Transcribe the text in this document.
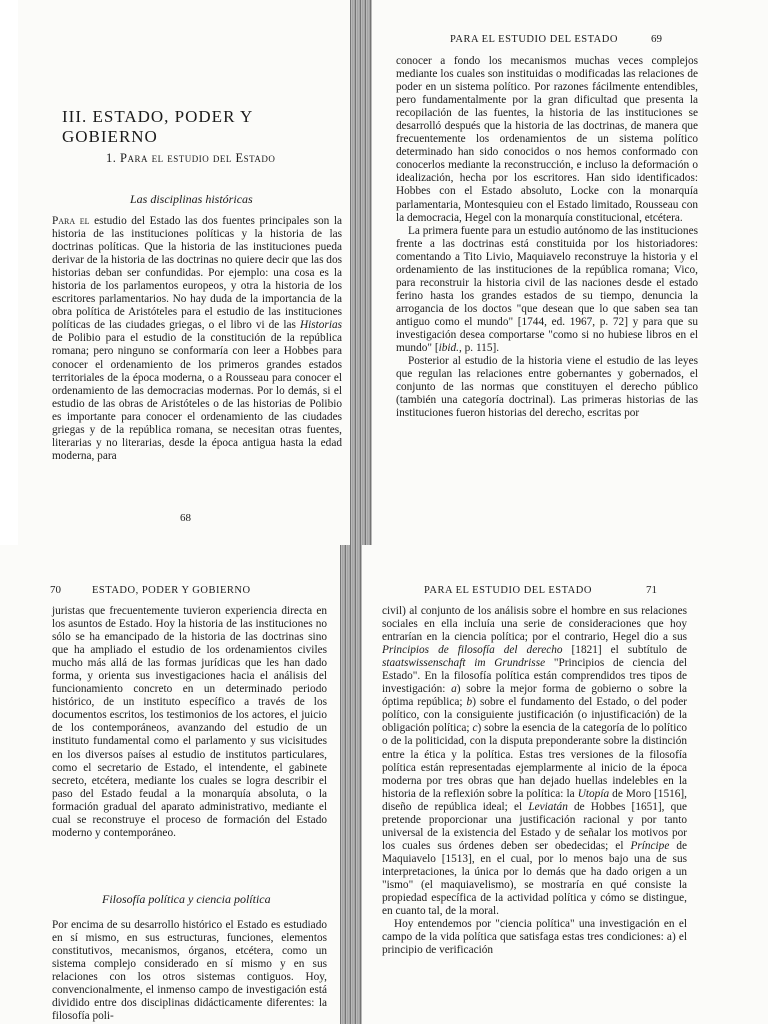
III. ESTADO, PODER Y GOBIERNO
1. Para el estudio del Estado
Las disciplinas históricas

Para el estudio del Estado las dos fuentes principales son la historia de las instituciones políticas y la historia de las doctrinas políticas. Que la historia de las instituciones pueda derivar de la historia de las doctrinas no quiere decir que las dos historias deban ser confundidas. Por ejemplo: una cosa es la historia de los parlamentos europeos, y otra la historia de los escritores parlamentarios. No hay duda de la importancia de la obra política de Aristóteles para el estudio de las instituciones políticas de las ciudades griegas, o el libro vi de las Historias de Polibio para el estudio de la constitución de la república romana; pero ninguno se conformaría con leer a Hobbes para conocer el ordenamiento de los primeros grandes estados territoriales de la época moderna, o a Rousseau para conocer el ordenamiento de las democracias modernas. Por lo demás, si el estudio de las obras de Aristóteles o de las historias de Polibio es importante para conocer el ordenamiento de las ciudades griegas y de la república romana, se necesitan otras fuentes, literarias y no literarias, desde la época antigua hasta la edad moderna, para

68
PARA EL ESTUDIO DEL ESTADO	69

conocer a fondo los mecanismos muchas veces complejos mediante los cuales son instituidas o modificadas las relaciones de poder en un sistema político. Por razones fácilmente entendibles, pero fundamentalmente por la gran dificultad que presenta la recopilación de las fuentes, la historia de las instituciones se desarrolló después que la historia de las doctrinas, de manera que frecuentemente los ordenamientos de un sistema político determinado han sido conocidos o nos hemos conformado con conocerlos mediante la reconstrucción, e incluso la deformación o idealización, hecha por los escritores. Han sido identificados: Hobbes con el Estado absoluto, Locke con la monarquía parlamentaria, Montesquieu con el Estado limitado, Rousseau con la democracia, Hegel con la monarquía constitucional, etcétera.

La primera fuente para un estudio autónomo de las instituciones frente a las doctrinas está constituida por los historiadores: comentando a Tito Livio, Maquiavelo reconstruye la historia y el ordenamiento de las instituciones de la república romana; Vico, para reconstruir la historia civil de las naciones desde el estado ferino hasta los grandes estados de su tiempo, denuncia la arrogancia de los doctos "que desean que lo que saben sea tan antiguo como el mundo" [1744, ed. 1967, p. 72] y para que su investigación desea comportarse "como si no hubiese libros en el mundo" [ibid., p. 115].

Posterior al estudio de la historia viene el estudio de las leyes que regulan las relaciones entre gobernantes y gobernados, el conjunto de las normas que constituyen el derecho público (también una categoría doctrinal). Las primeras historias de las instituciones fueron historias del derecho, escritas por

70	ESTADO, PODER Y GOBIERNO

juristas que frecuentemente tuvieron experiencia directa en los asuntos de Estado. Hoy la historia de las instituciones no sólo se ha emancipado de la historia de las doctrinas sino que ha ampliado el estudio de los ordenamientos civiles mucho más allá de las formas jurídicas que les han dado forma, y orienta sus investigaciones hacia el análisis del funcionamiento concreto en un determinado periodo histórico, de un instituto específico a través de los documentos escritos, los testimonios de los actores, el juicio de los contemporáneos, avanzando del estudio de un instituto fundamental como el parlamento y sus vicisitudes en los diversos países al estudio de institutos particulares, como el secretario de Estado, el intendente, el gabinete secreto, etcétera, mediante los cuales se logra describir el paso del Estado feudal a la monarquía absoluta, o la formación gradual del aparato administrativo, mediante el cual se reconstruye el proceso de formación del Estado moderno y contemporáneo.

Filosofía política y ciencia política

Por encima de su desarrollo histórico el Estado es estudiado en sí mismo, en sus estructuras, funciones, elementos constitutivos, mecanismos, órganos, etcétera, como un sistema complejo considerado en sí mismo y en sus relaciones con los otros sistemas contiguos. Hoy, convencionalmente, el inmenso campo de investigación está dividido entre dos disciplinas didácticamente diferentes: la filosofía poli-

PARA EL ESTUDIO DEL ESTADO	71

civil) al conjunto de los análisis sobre el hombre en sus relaciones sociales en ella incluía una serie de consideraciones que hoy entrarían en la ciencia política; por el contrario, Hegel dio a sus Principios de filosofía del derecho [1821] el subtítulo de staatswissenschaft im Grundrisse "Principios de ciencia del Estado". En la filosofía política están comprendidos tres tipos de investigación: a) sobre la mejor forma de gobierno o sobre la óptima república; b) sobre el fundamento del Estado, o del poder político, con la consiguiente justificación (o injustificación) de la obligación política; c) sobre la esencia de la categoría de lo político o de la politicidad, con la disputa preponderante sobre la distinción entre la ética y la política. Estas tres versiones de la filosofía política están representadas ejemplarmente al inicio de la época moderna por tres obras que han dejado huellas indelebles en la historia de la reflexión sobre la política: la Utopía de Moro [1516], diseño de república ideal; el Leviatán de Hobbes [1651], que pretende proporcionar una justificación racional y por tanto universal de la existencia del Estado y de señalar los motivos por los cuales sus órdenes deben ser obedecidas; el Príncipe de Maquiavelo [1513], en el cual, por lo menos bajo una de sus interpretaciones, la única por lo demás que ha dado origen a un "ismo" (el maquiavelismo), se mostraría en qué consiste la propiedad específica de la actividad política y cómo se distingue, en cuanto tal, de la moral.

Hoy entendemos por "ciencia política" una investigación en el campo de la vida política que satisfaga estas tres condiciones: a) el principio de verificación
